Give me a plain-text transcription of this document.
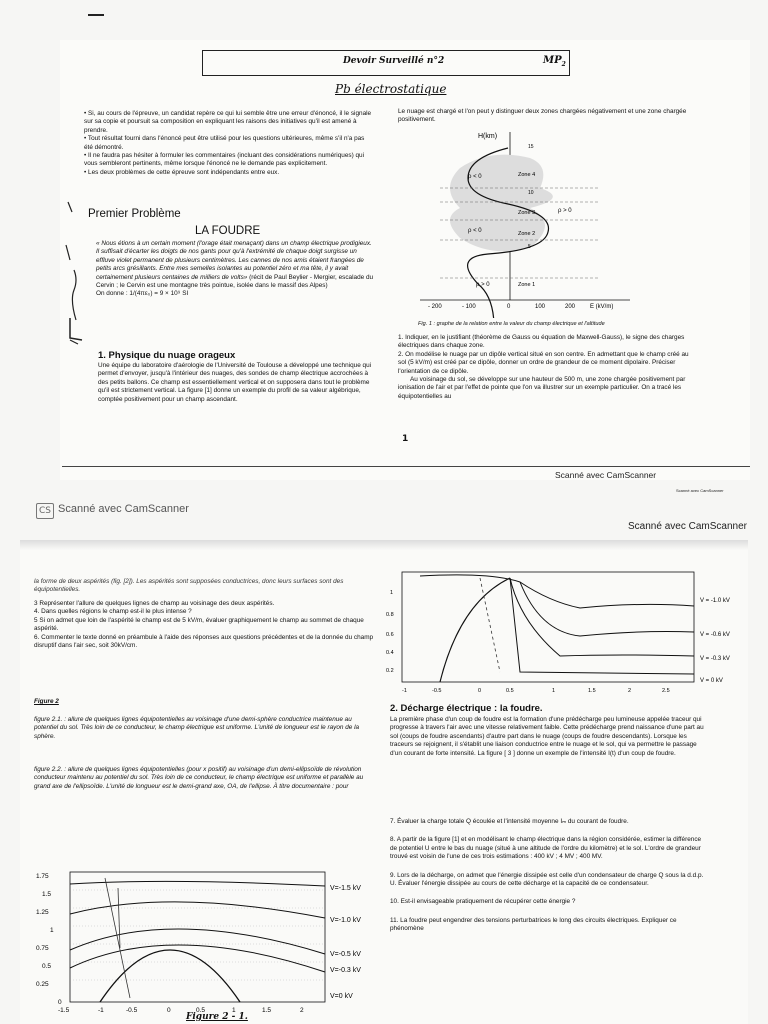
Devoir Surveillé n°2	$MP_2$
Pb électrostatique

• Si, au cours de l'épreuve, un candidat repère ce qui lui semble être une erreur d'énoncé, il le signale sur sa copie et poursuit sa composition en expliquant les raisons des initiatives qu'il est amené à prendre.

• Tout résultat fourni dans l'énoncé peut être utilisé pour les questions ultérieures, même s'il n'a pas été démontré.

• Il ne faudra pas hésiter à formuler les commentaires (incluant des considérations numériques) qui vous sembleront pertinents, même lorsque l'énoncé ne le demande pas explicitement.

• Les deux problèmes de cette épreuve sont indépendants entre eux.

Premier Problème
LA FOUDRE

« Nous étions à un certain moment (l'orage était menaçant) dans un champ électrique prodigieux. Il suffisait d'écarter les doigts de nos gants pour qu'à l'extrémité de chaque doigt surgisse un effluve violet permanent de plusieurs centimètres. Les cannes de nos amis étaient frangées de petits arcs grésillants. Entre mes semelles isolantes au potentiel zéro et ma tête, il y avait certainement plusieurs centaines de milliers de volts» (récit de Paul Beylier - Mergier, escalade du Cervin ; le Cervin est une montagne très pointue, isolée dans le massif des Alpes)

On donne : 1/(4πε₀) = 9 × 10⁹ SI

1. Physique du nuage orageux

Une équipe du laboratoire d'aérologie de l'Université de Toulouse a développé une technique qui permet d'envoyer, jusqu'à l'intérieur des nuages, des sondes de champ électrique accrochées à des petits ballons. Ce champ est essentiellement vertical et on supposera dans tout le problème qu'il est strictement vertical. La figure [1] donne un exemple du profil de sa valeur algébrique, comptée positivement pour un champ ascendant.

Le nuage est chargé et l'on peut y distinguer deux zones chargées négativement et une zone chargée positivement.

H(km)
Zone 4
Zone 3
Zone 2
Zone 1
ρ < 0
ρ > 0
ρ < 0
ρ > 0
15
10
5
- 200	- 100	0	100	200 E (kV/m)

Fig. 1 : graphe de la relation entre la valeur du champ électrique et l'altitude

1. Indiquer, en le justifiant (théorème de Gauss ou équation de Maxwell-Gauss), le signe des charges électriques dans chaque zone.

2. On modélise le nuage par un dipôle vertical situé en son centre. En admettant que le champ créé au sol (5 kV/m) est créé par ce dipôle, donner un ordre de grandeur de ce moment dipolaire. Préciser l'orientation de ce dipôle.

Au voisinage du sol, se développe sur une hauteur de 500 m, une zone chargée positivement par ionisation de l'air et par l'effet de pointe que l'on va illustrer sur un exemple particulier. On a tracé les équipotentielles au

1
Scanné avec CamScanner
Scanné avec CamScanner
CS Scanné avec CamScanner
Scanné avec CamScanner

la forme de deux aspérités (fig. [2]). Les aspérités sont supposées conductrices, donc leurs surfaces sont des équipotentielles.

3 Représenter l'allure de quelques lignes de champ au voisinage des deux aspérités.

4. Dans quelles régions le champ est-il le plus intense ?

5 Si on admet que loin de l'aspérité le champ est de 5 kV/m, évaluer graphiquement le champ au sommet de chaque aspérité.

6. Commenter le texte donné en préambule à l'aide des réponses aux questions précédentes et de la donnée du champ disruptif dans l'air sec, soit 30kV/cm.

Figure 2

figure 2.1. : allure de quelques lignes équipotentielles au voisinage d'une demi-sphère conductrice maintenue au potentiel du sol. Très loin de ce conducteur, le champ électrique est uniforme. L'unité de longueur est le rayon de la sphère.

figure 2.2. : allure de quelques lignes équipotentielles (pour x positif) au voisinage d'un demi-ellipsoïde de révolution conducteur maintenu au potentiel du sol. Très loin de ce conducteur, le champ électrique est uniforme et parallèle au grand axe de l'ellipsoïde. L'unité de longueur est le demi-grand axe, OA, de l'ellipse. À titre documentaire : pour

1.75
1.5
1.25
1
0.75
0.5
0.25
0
-1.5	-1	-0.5	0	0.5	1	1.5	2
V=-1.5 kV
V=-1.0 kV
V=-0.5 kV
V=-0.3 kV
V=0 kV
Figure 2 - 1.
1
0.8
0.6
0.4
0.2
-1	-0.5	0	0.5	1	1.5	2	2.5
V = -1.0 kV
V = -0.6 kV
V = -0.3 kV
V = 0 kV
2. Décharge électrique : la foudre.

La première phase d'un coup de foudre est la formation d'une prédécharge peu lumineuse appelée traceur qui progresse à travers l'air avec une vitesse relativement faible. Cette prédécharge prend naissance d'une part au sol (coups de foudre ascendants) d'autre part dans le nuage (coups de foudre descendants). Lorsque les traceurs se rejoignent, il s'établit une liaison conductrice entre le nuage et le sol, qui va permettre le passage d'un courant de forte intensité. La figure [ 3 ] donne un exemple de l'intensité I(t) d'un coup de foudre.

7. Évaluer la charge totale Q écoulée et l'intensité moyenne Iₘ du courant de foudre.

8. A partir de la figure [1] et en modélisant le champ électrique dans la région considérée, estimer la différence de potentiel U entre le bas du nuage (situé à une altitude de l'ordre du kilomètre) et le sol. L'ordre de grandeur trouvé est voisin de l'une de ces trois estimations : 400 kV ; 4 MV ; 400 MV.

9. Lors de la décharge, on admet que l'énergie dissipée est celle d'un condensateur de charge Q sous la d.d.p. U. Évaluer l'énergie dissipée au cours de cette décharge et la capacité de ce condensateur.

10. Est-il envisageable pratiquement de récupérer cette énergie ?

11. La foudre peut engendrer des tensions perturbatrices le long des circuits électriques. Expliquer ce phénomène
